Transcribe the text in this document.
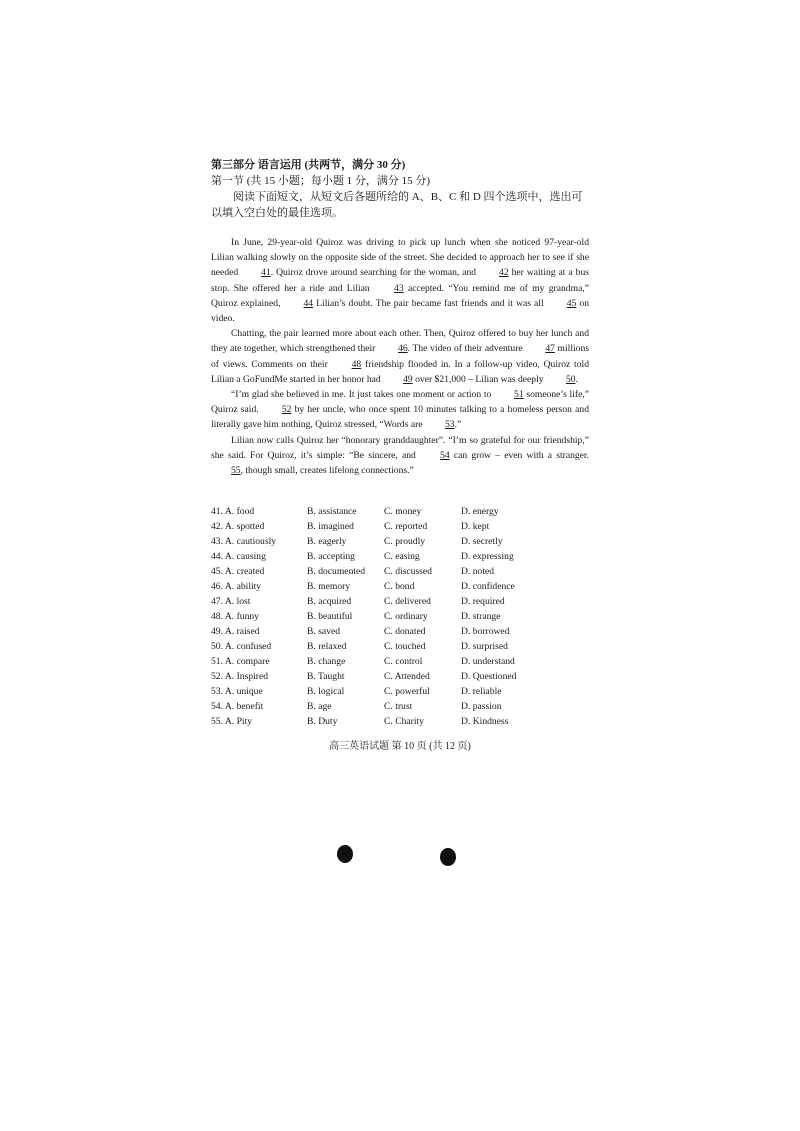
第三部分 语言运用 (共两节，满分 30 分)
第一节 (共 15 小题；每小题 1 分，满分 15 分)
阅读下面短文，从短文后各题所给的 A、B、C 和 D 四个选项中，选出可以填入空白处的最佳选项。

In June, 29-year-old Quiroz was driving to pick up lunch when she noticed 97-year-old Lilian walking slowly on the opposite side of the street. She decided to approach her to see if she needed 41. Quiroz drove around searching for the woman, and 42 her waiting at a bus stop. She offered her a ride and Lilian 43 accepted. “You remind me of my grandma,” Quiroz explained, 44 Lilian’s doubt. The pair became fast friends and it was all 45 on video.

Chatting, the pair learned more about each other. Then, Quiroz offered to buy her lunch and they ate together, which strengthened their 46. The video of their adventure 47 millions of views. Comments on their 48 friendship flooded in. In a follow-up video, Quiroz told Lilian a GoFundMe started in her honor had 49 over $21,000 – Lilian was deeply 50.

“I’m glad she believed in me. It just takes one moment or action to 51 someone’s life,” Quiroz said. 52 by her uncle, who once spent 10 minutes talking to a homeless person and literally gave him nothing, Quiroz stressed, “Words are 53.”

Lilian now calls Quiroz her “honorary granddaughter”. “I’m so grateful for our friendship,” she said. For Quiroz, it’s simple: “Be sincere, and 54 can grow – even with a stranger. 55, though small, creates lifelong connections.”

41. A. food	B. assistance	C. money	D. energy
42. A. spotted	B. imagined	C. reported	D. kept
43. A. cautiously	B. eagerly	C. proudly	D. secretly
44. A. causing	B. accepting	C. easing	D. expressing
45. A. created	B. documented	C. discussed	D. noted
46. A. ability	B. memory	C. bond	D. confidence
47. A. lost	B. acquired	C. delivered	D. required
48. A. funny	B. beautiful	C. ordinary	D. strange
49. A. raised	B. saved	C. donated	D. borrowed
50. A. confused	B. relaxed	C. touched	D. surprised
51. A. compare	B. change	C. control	D. understand
52. A. Inspired	B. Taught	C. Attended	D. Questioned
53. A. unique	B. logical	C. powerful	D. reliable
54. A. benefit	B. age	C. trust	D. passion
55. A. Pity	B. Duty	C. Charity	D. Kindness
高三英语试题 第 10 页 (共 12 页)
